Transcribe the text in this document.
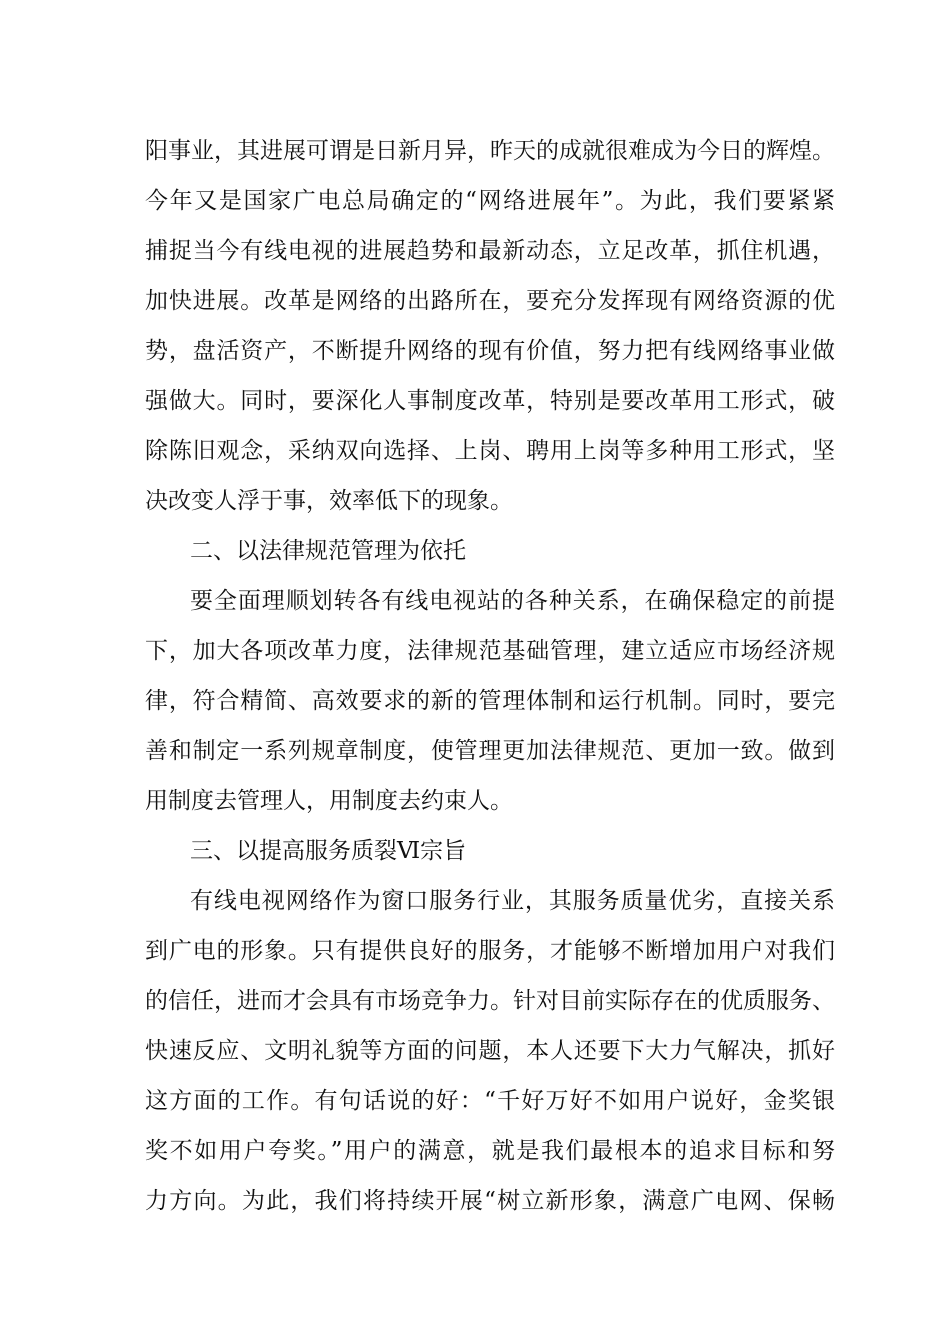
阳事业，其进展可谓是日新月异，昨天的成就很难成为今日的辉煌。
今年又是国家广电总局确定的“网络进展年”。为此，我们要紧紧
捕捉当今有线电视的进展趋势和最新动态，立足改革，抓住机遇，
加快进展。改革是网络的出路所在，要充分发挥现有网络资源的优
势，盘活资产，不断提升网络的现有价值，努力把有线网络事业做
强做大。同时，要深化人事制度改革，特别是要改革用工形式，破
除陈旧观念，采纳双向选择、上岗、聘用上岗等多种用工形式，坚
决改变人浮于事，效率低下的现象。
二、以法律规范管理为依托
要全面理顺划转各有线电视站的各种关系，在确保稳定的前提
下，加大各项改革力度，法律规范基础管理，建立适应市场经济规
律，符合精简、高效要求的新的管理体制和运行机制。同时，要完
善和制定一系列规章制度，使管理更加法律规范、更加一致。做到
用制度去管理人，用制度去约束人。
三、以提高服务质裂Ⅵ宗旨
有线电视网络作为窗口服务行业，其服务质量优劣，直接关系
到广电的形象。只有提供良好的服务，才能够不断增加用户对我们
的信任，进而才会具有市场竞争力。针对目前实际存在的优质服务、
快速反应、文明礼貌等方面的问题，本人还要下大力气解决，抓好
这方面的工作。有句话说的好：“千好万好不如用户说好，金奖银
奖不如用户夸奖。”用户的满意，就是我们最根本的追求目标和努
力方向。为此，我们将持续开展“树立新形象，满意广电网、保畅
